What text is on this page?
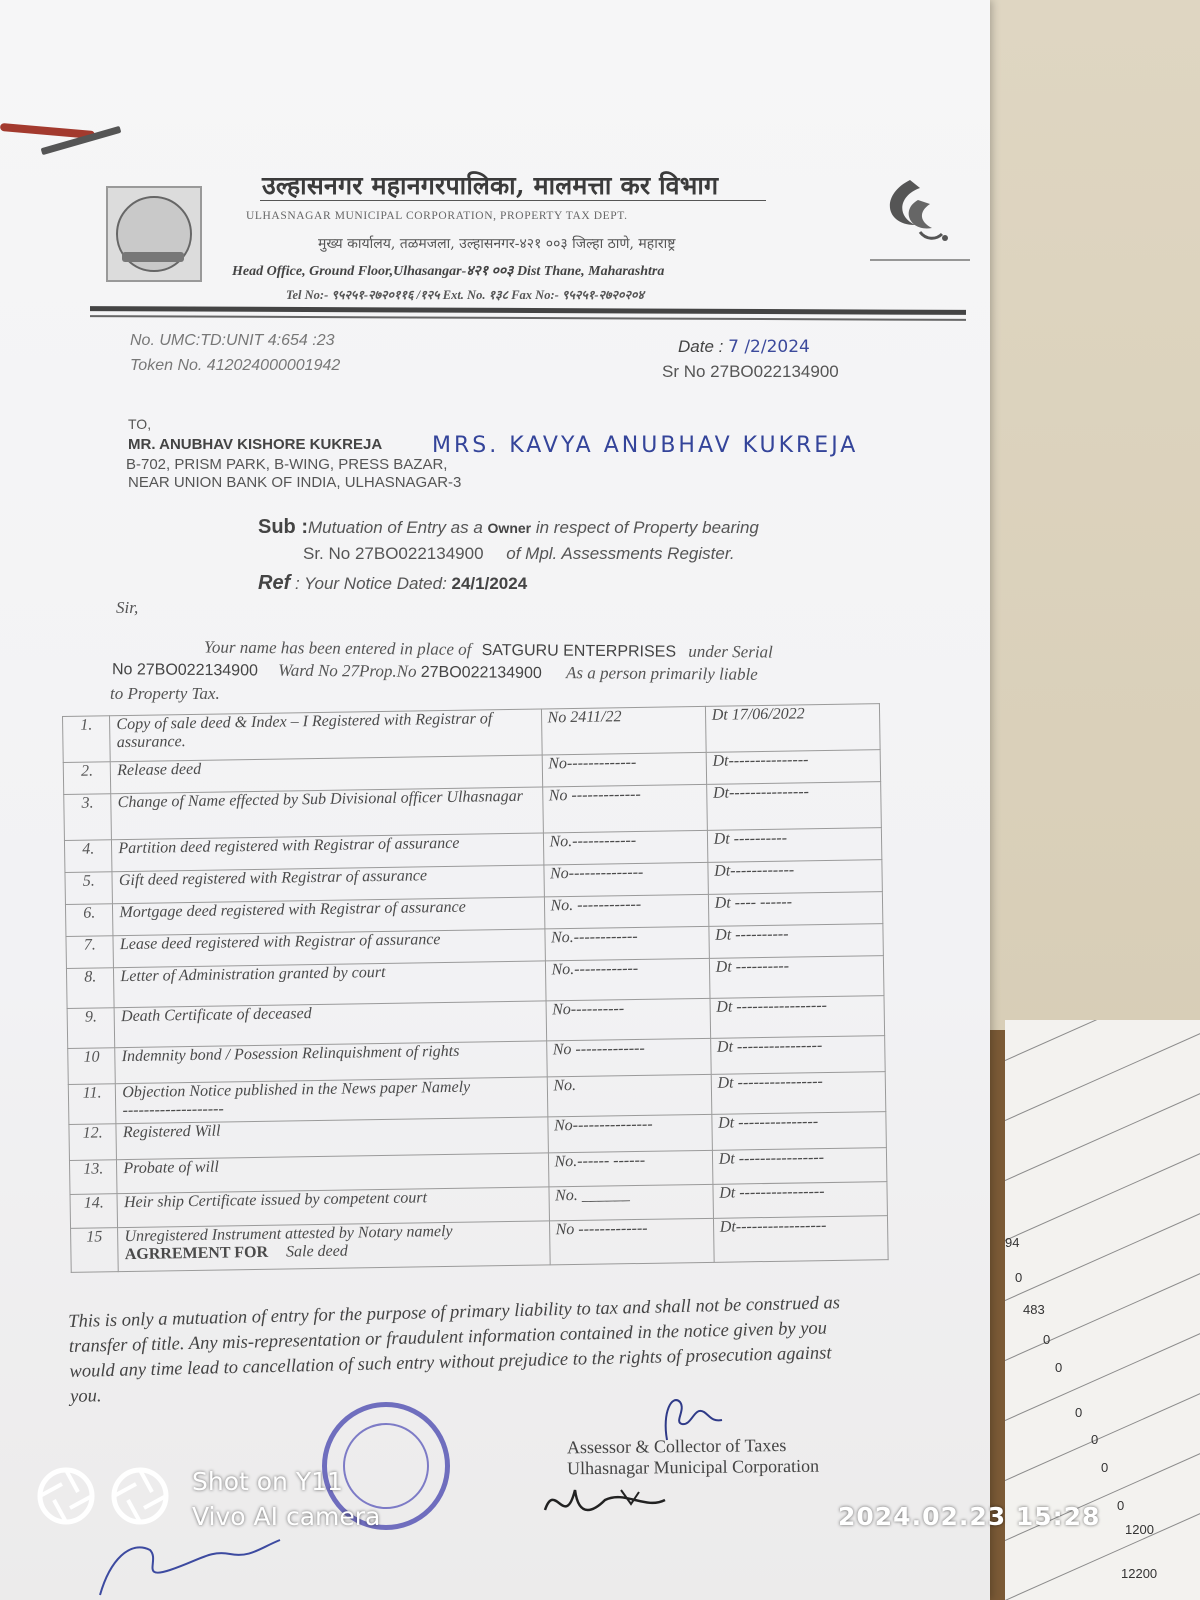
94
0
483
0
0
0
0
0
0
1200
12200
उल्हासनगर महानगरपालिका, मालमत्ता कर विभाग
ULHASNAGAR MUNICIPAL CORPORATION, PROPERTY TAX DEPT.
मुख्य कार्यालय, तळमजला, उल्हासनगर-४२१ ००३ जिल्हा ठाणे, महाराष्ट्र
Head Office, Ground Floor,Ulhasangar-४२१ ००३ Dist Thane, Maharashtra
Tel No:- ९५२५१-२७२०११६ /१२५ Ext. No. १३८ Fax No:- ९५२५१-२७२०२०४
No. UMC:TD:UNIT 4:654 :23
Token No. 412024000001942
Date : 7 /2/2024
Sr No 27BO022134900
TO,
MR. ANUBHAV KISHORE KUKREJA MRS. KAVYA ANUBHAV KUKREJA
B-702, PRISM PARK, B-WING, PRESS BAZAR,
NEAR UNION BANK OF INDIA, ULHASNAGAR-3
Sub :Mutuation of Entry as a Owner in respect of Property bearing
Sr. No 27BO022134900 of Mpl. Assessments Register.
Ref : Your Notice Dated: 24/1/2024
Sir,
Your name has been entered in place of SATGURU ENTERPRISES under Serial
No 27BO022134900 Ward No 27Prop.No 27BO022134900 As a person primarily liable
to Property Tax.
1.	Copy of sale deed & Index – I Registered with Registrar of assurance.	No 2411/22	Dt 17/06/2022
2.	Release deed	No-------------	Dt---------------
3.	Change of Name effected by Sub Divisional officer Ulhasnagar	No -------------	Dt---------------
4.	Partition deed registered with Registrar of assurance	No.------------	Dt ----------
5.	Gift deed registered with Registrar of assurance	No--------------	Dt------------
6.	Mortgage deed registered with Registrar of assurance	No. ------------	Dt ---- ------
7.	Lease deed registered with Registrar of assurance	No.------------	Dt ----------
8.	Letter of Administration granted by court	No.------------	Dt ----------
9.	Death Certificate of deceased	No----------	Dt -----------------
10	Indemnity bond / Posession Relinquishment of rights	No -------------	Dt ----------------
11.	Objection Notice published in the News paper Namely
-------------------	No.	Dt ----------------
12.	Registered Will	No---------------	Dt ---------------
13.	Probate of will	No.------ ------	Dt ----------------
14.	Heir ship Certificate issued by competent court	No. ______	Dt ----------------
15	Unregistered Instrument attested by Notary namely
AGRREMENT FOR Sale deed	No -------------	Dt-----------------
This is only a mutuation of entry for the purpose of primary liability to tax and shall not be construed as transfer of title. Any mis-representation or fraudulent information contained in the notice given by you would any time lead to cancellation of such entry without prejudice to the rights of prosecution against you.
Assessor & Collector of Taxes
Ulhasnagar Municipal Corporation
Shot on Y11
Vivo AI camera	2024.02.23 15:28
